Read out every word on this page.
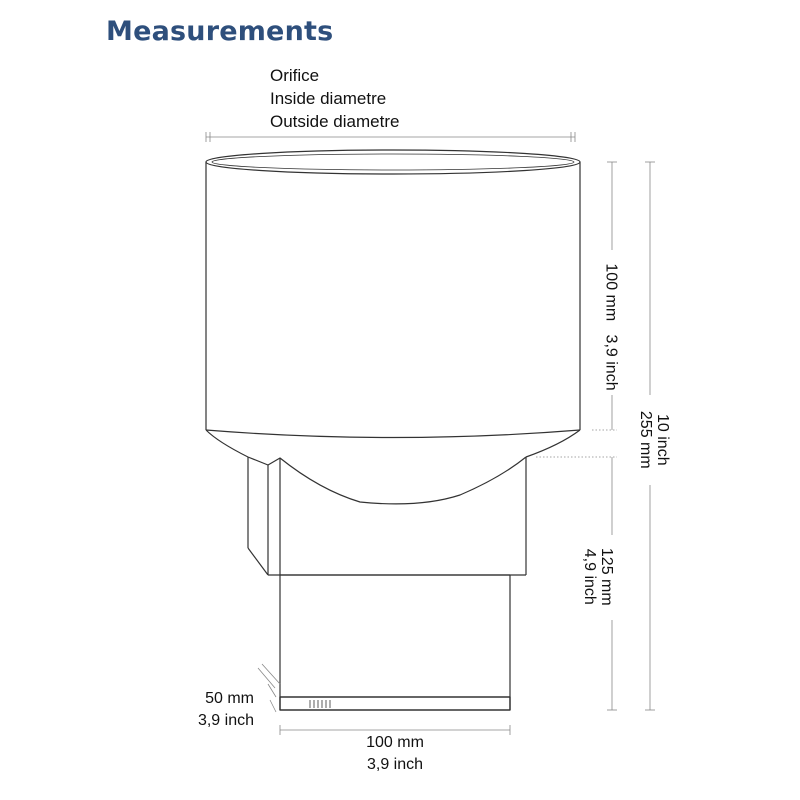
Measurements
Orifice
Inside diametre
Outside diametre
100 mm   3,9 inch
10 inch
255 mm
125 mm
4,9 inch
50 mm
3,9 inch
100 mm
3,9 inch
